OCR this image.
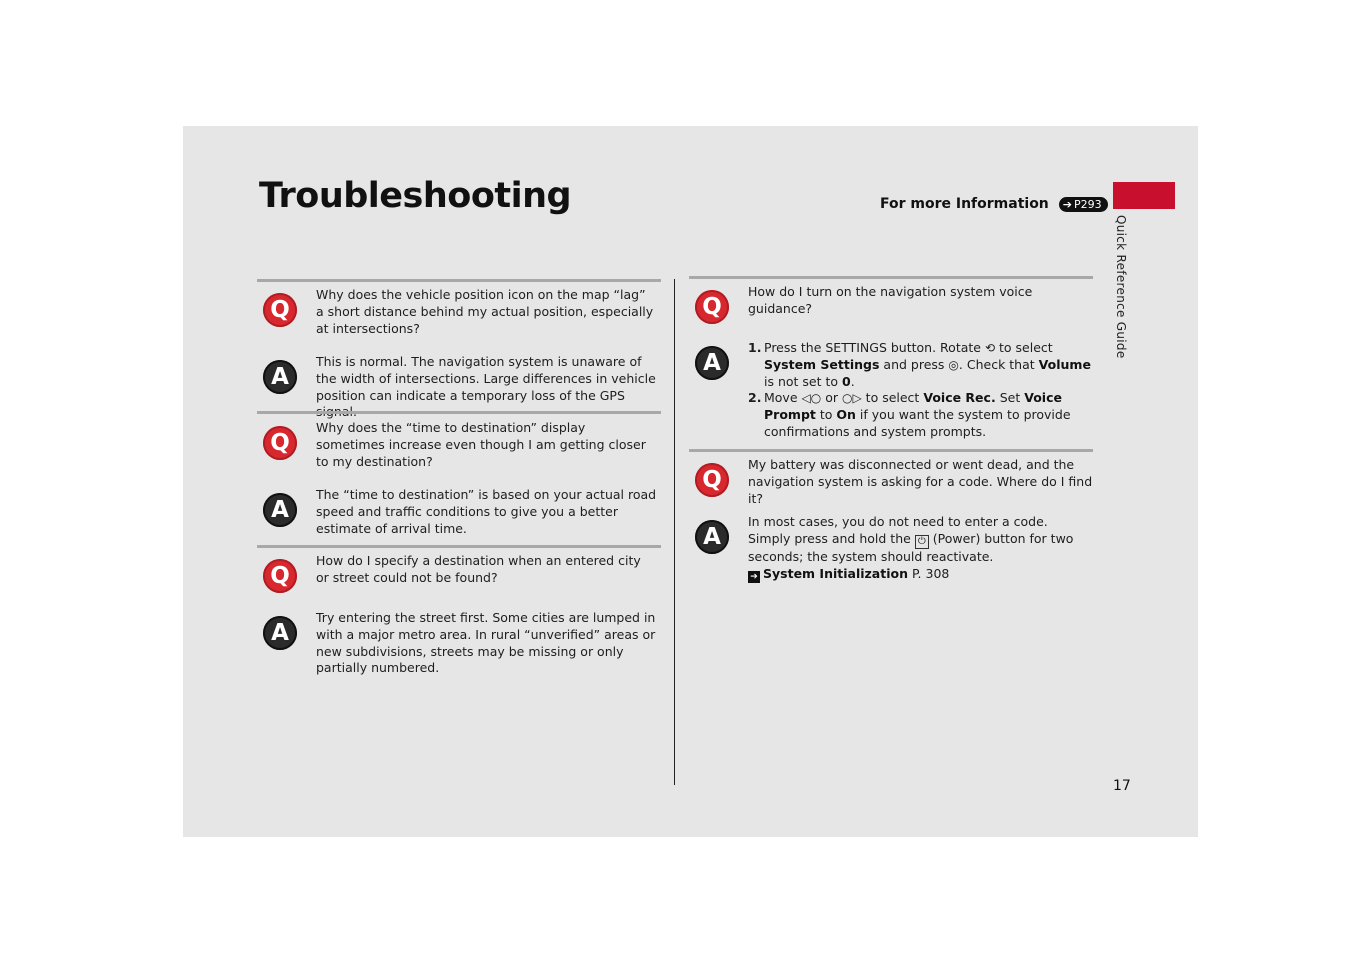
Troubleshooting	For more Information ➔ P293
Quick Reference Guide
17
Q
Why does the vehicle position icon on the map “lag” a short distance behind my actual position, especially at intersections?
A
This is normal. The navigation system is unaware of the width of intersections. Large differences in vehicle position can indicate a temporary loss of the GPS
Q
Why does the “time to destination” display sometimes increase even though I am getting closer to my destination?
A
The “time to destination” is based on your actual road speed and traffic conditions to give you a better estimate of arrival time.
Q
How do I specify a destination when an entered city or street could not be found?
A
Try entering the street first. Some cities are lumped in with a major metro area. In rural “unverified” areas or new subdivisions, streets may be missing or only partially numbered.
Q
How do I turn on the navigation system voice guidance?
A
1. Press the SETTINGS button. Rotate ⟲ to select System Settings and press ◎. Check that Volume is not set to 0.
2. Move ◁○ or ○▷ to select Voice Rec. Set Voice Prompt to On if you want the system to provide confirmations and system prompts.
Q
My battery was disconnected or went dead, and the navigation system is asking for a code. Where do I find it?
A
In most cases, you do not need to enter a code. Simply press and hold the ⏻ (Power) button for two seconds; the system should reactivate.
➔ System Initialization P. 308
